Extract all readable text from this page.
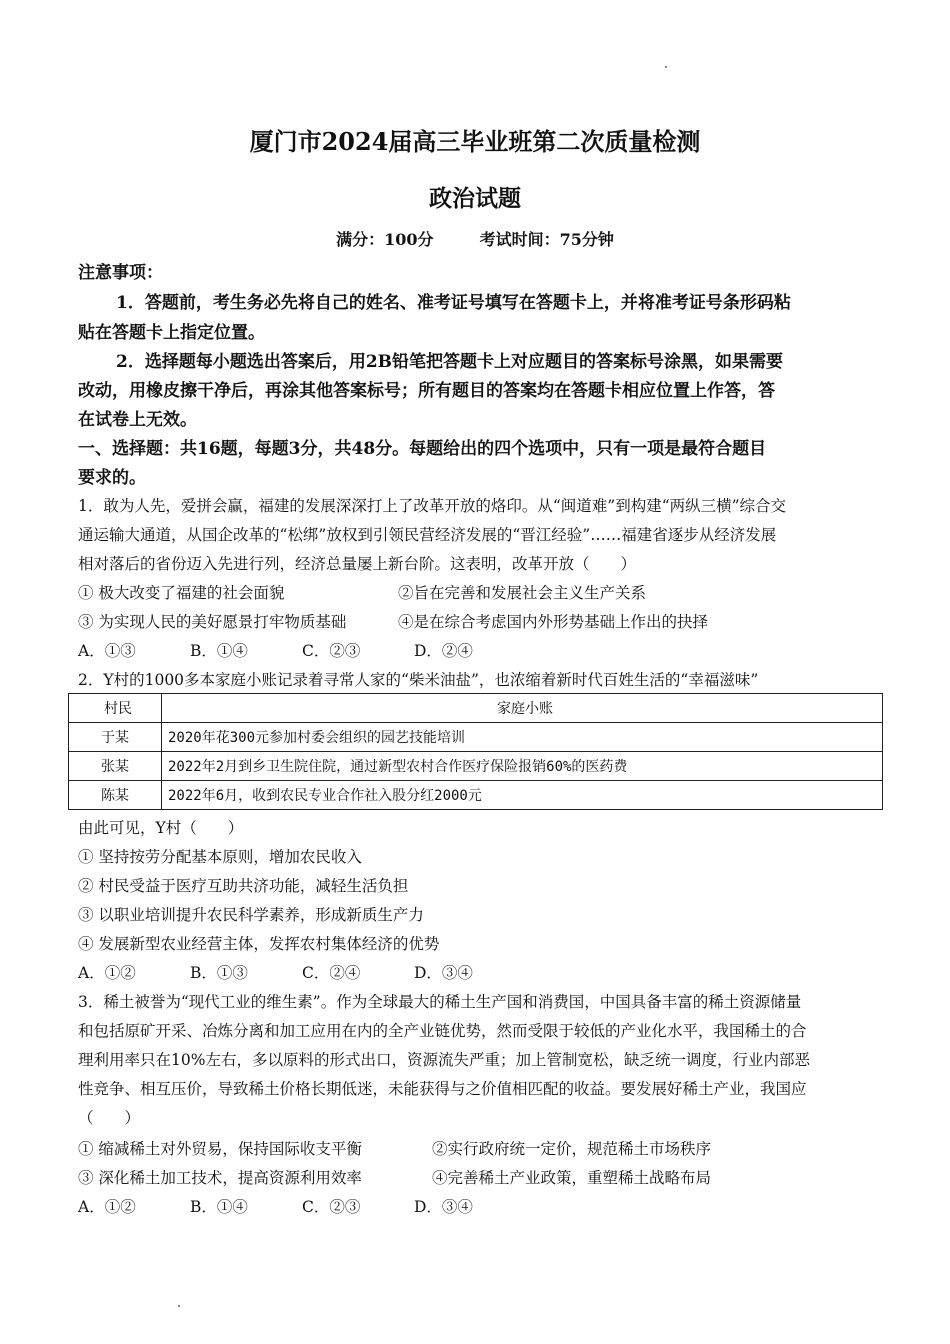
厦门市2024届高三毕业班第二次质量检测
政治试题
满分：100分	考试时间：75分钟
注意事项：
1．答题前，考生务必先将自己的姓名、准考证号填写在答题卡上，并将准考证号条形码粘
贴在答题卡上指定位置。
2．选择题每小题选出答案后，用2B铅笔把答题卡上对应题目的答案标号涂黑，如果需要
改动，用橡皮擦干净后，再涂其他答案标号；所有题目的答案均在答题卡相应位置上作答，答
在试卷上无效。
一、选择题：共16题，每题3分，共48分。每题给出的四个选项中，只有一项是最符合题目
要求的。
1．敢为人先，爱拼会赢，福建的发展深深打上了改革开放的烙印。从“闽道难”到构建“两纵三横”综合交
通运输大通道，从国企改革的“松绑”放权到引领民营经济发展的“晋江经验”……福建省逐步从经济发展
相对落后的省份迈入先进行列，经济总量屡上新台阶。这表明，改革开放（　　）
① 极大改变了福建的社会面貌	②旨在完善和发展社会主义生产关系
③ 为实现人民的美好愿景打牢物质基础	④是在综合考虑国内外形势基础上作出的抉择
A．①③	B．①④	C．②③	D．②④
2．Y村的1000多本家庭小账记录着寻常人家的“柴米油盐”，也浓缩着新时代百姓生活的“幸福滋味”
村民	家庭小账
于某	2020年花300元参加村委会组织的园艺技能培训
张某	2022年2月到乡卫生院住院，通过新型农村合作医疗保险报销60%的医药费
陈某	2022年6月，收到农民专业合作社入股分红2000元
由此可见，Y村（　　）
① 坚持按劳分配基本原则，增加农民收入
② 村民受益于医疗互助共济功能，减轻生活负担
③ 以职业培训提升农民科学素养，形成新质生产力
④ 发展新型农业经营主体，发挥农村集体经济的优势
A．①②	B．①③	C．②④	D．③④
3．稀土被誉为“现代工业的维生素”。作为全球最大的稀土生产国和消费国，中国具备丰富的稀土资源储量
和包括原矿开采、冶炼分离和加工应用在内的全产业链优势，然而受限于较低的产业化水平，我国稀土的合
理利用率只在10%左右，多以原料的形式出口，资源流失严重；加上管制宽松，缺乏统一调度，行业内部恶
性竞争、相互压价，导致稀土价格长期低迷，未能获得与之价值相匹配的收益。要发展好稀土产业，我国应
（　　）
① 缩减稀土对外贸易，保持国际收支平衡	②实行政府统一定价，规范稀土市场秩序
③ 深化稀土加工技术，提高资源利用效率	④完善稀土产业政策，重塑稀土战略布局
A．①②	B．①④	C．②③	D．③④
